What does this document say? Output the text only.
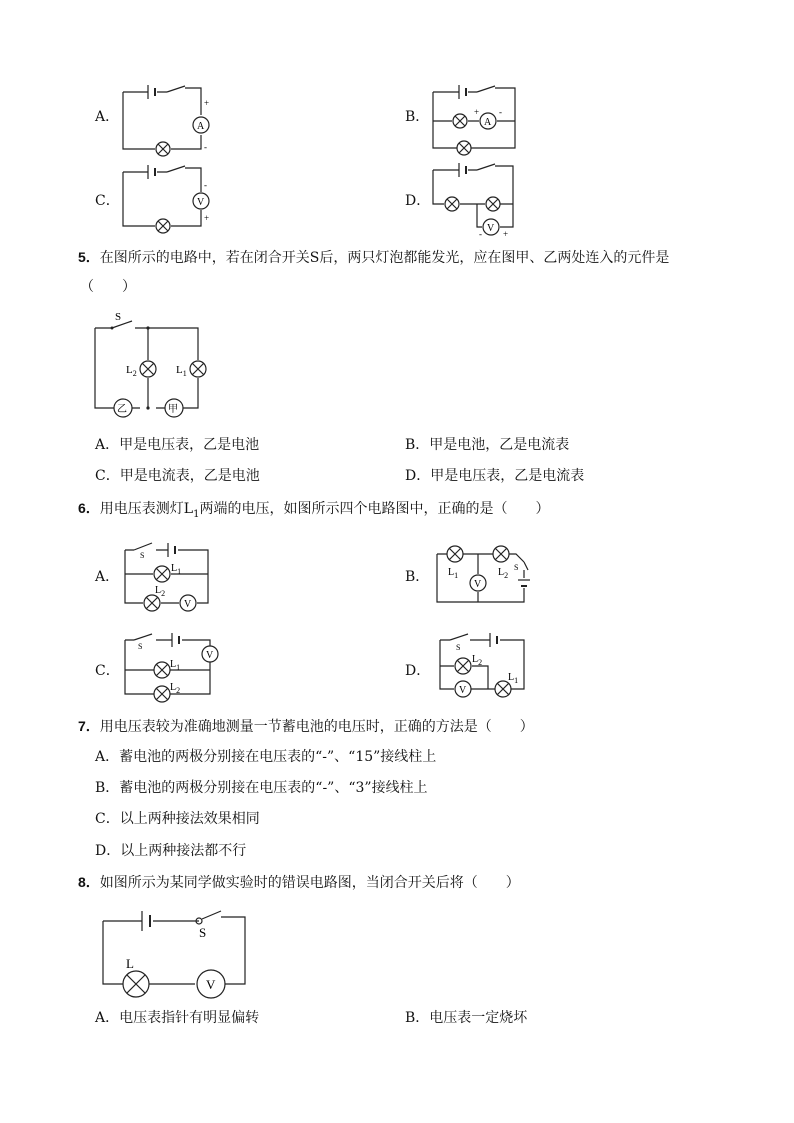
A．
A
+
-
B．	A
+ -
C．	V
-
+
D．
V
- +
5．在图所示的电路中，若在闭合开关S后，两只灯泡都能发光，应在图甲、乙两处连入的元件是
（　　）
S
$L_2$	$L_1$
乙	甲
A．甲是电压表，乙是电池	B．甲是电池，乙是电流表
C．甲是电流表，乙是电池	D．甲是电压表，乙是电流表
6．用电压表测灯$L_1$两端的电压，如图所示四个电路图中，正确的是（　　）
A．
S
$L_1$
$L_2$
V
B． $L_1$	$L_2$
S
V
C．
S
V
$L_1$
$L_2$
D．
S
$L_2$
V
$L_1$
7．用电压表较为准确地测量一节蓄电池的电压时，正确的方法是（　　）
A．蓄电池的两极分别接在电压表的“-”、“15”接线柱上
B．蓄电池的两极分别接在电压表的“-”、“3”接线柱上
C．以上两种接法效果相同
D．以上两种接法都不行
8．如图所示为某同学做实验时的错误电路图，当闭合开关后将（　　）
S
L
V
A．电压表指针有明显偏转	B．电压表一定烧坏
